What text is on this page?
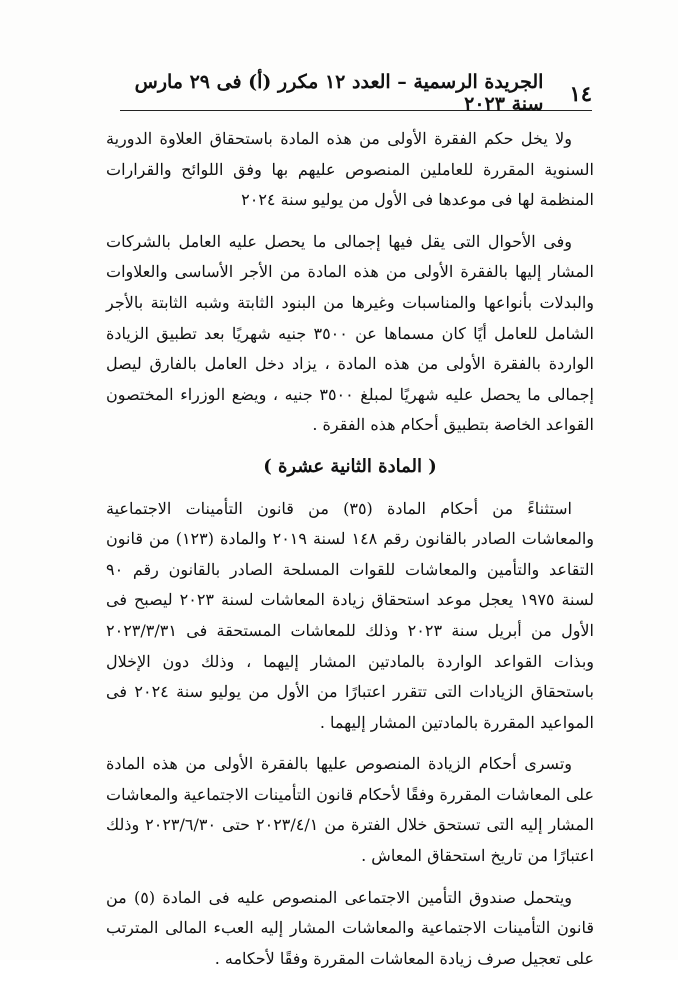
١٤
الجريدة الرسمية – العدد ١٢ مكرر (أ) فى ٢٩ مارس سنة ٢٠٢٣

ولا يخل حكم الفقرة الأولى من هذه المادة باستحقاق العلاوة الدورية السنوية المقررة للعاملين المنصوص عليهم بها وفق اللوائح والقرارات المنظمة لها فى موعدها فى الأول من يوليو سنة ٢٠٢٤

وفى الأحوال التى يقل فيها إجمالى ما يحصل عليه العامل بالشركات المشار إليها بالفقرة الأولى من هذه المادة من الأجر الأساسى والعلاوات والبدلات بأنواعها والمناسبات وغيرها من البنود الثابتة وشبه الثابتة بالأجر الشامل للعامل أيًا كان مسماها عن ٣٥٠٠ جنيه شهريًا بعد تطبيق الزيادة الواردة بالفقرة الأولى من هذه المادة ، يزاد دخل العامل بالفارق ليصل إجمالى ما يحصل عليه شهريًا لمبلغ ٣٥٠٠ جنيه ، ويضع الوزراء المختصون القواعد الخاصة بتطبيق أحكام هذه الفقرة .

( المادة الثانية عشرة )

استثناءً من أحكام المادة (٣٥) من قانون التأمينات الاجتماعية والمعاشات الصادر بالقانون رقم ١٤٨ لسنة ٢٠١٩ والمادة (١٢٣) من قانون التقاعد والتأمين والمعاشات للقوات المسلحة الصادر بالقانون رقم ٩٠ لسنة ١٩٧٥ يعجل موعد استحقاق زيادة المعاشات لسنة ٢٠٢٣ ليصبح فى الأول من أبريل سنة ٢٠٢٣ وذلك للمعاشات المستحقة فى ٢٠٢٣/٣/٣١ وبذات القواعد الواردة بالمادتين المشار إليهما ، وذلك دون الإخلال باستحقاق الزيادات التى تتقرر اعتبارًا من الأول من يوليو سنة ٢٠٢٤ فى المواعيد المقررة بالمادتين المشار إليهما .

وتسرى أحكام الزيادة المنصوص عليها بالفقرة الأولى من هذه المادة على المعاشات المقررة وفقًا لأحكام قانون التأمينات الاجتماعية والمعاشات المشار إليه التى تستحق خلال الفترة من ٢٠٢٣/٤/١ حتى ٢٠٢٣/٦/٣٠ وذلك اعتبارًا من تاريخ استحقاق المعاش .

ويتحمل صندوق التأمين الاجتماعى المنصوص عليه فى المادة (٥) من قانون التأمينات الاجتماعية والمعاشات المشار إليه العبء المالى المترتب على تعجيل صرف زيادة المعاشات المقررة وفقًا لأحكامه .
